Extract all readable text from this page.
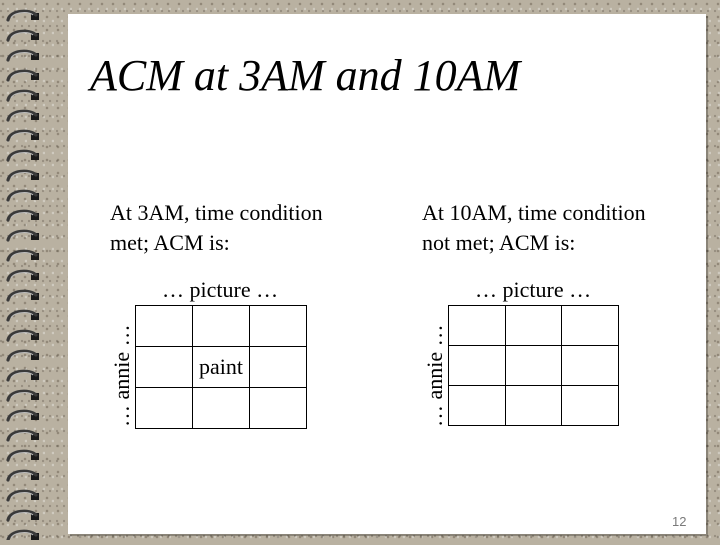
ACM at 3AM and 10AM
At 3AM, time condition
met; ACM is:
… picture …
… annie …	paint
At 10AM, time condition
not met; ACM is:
… picture …
… annie …
12
